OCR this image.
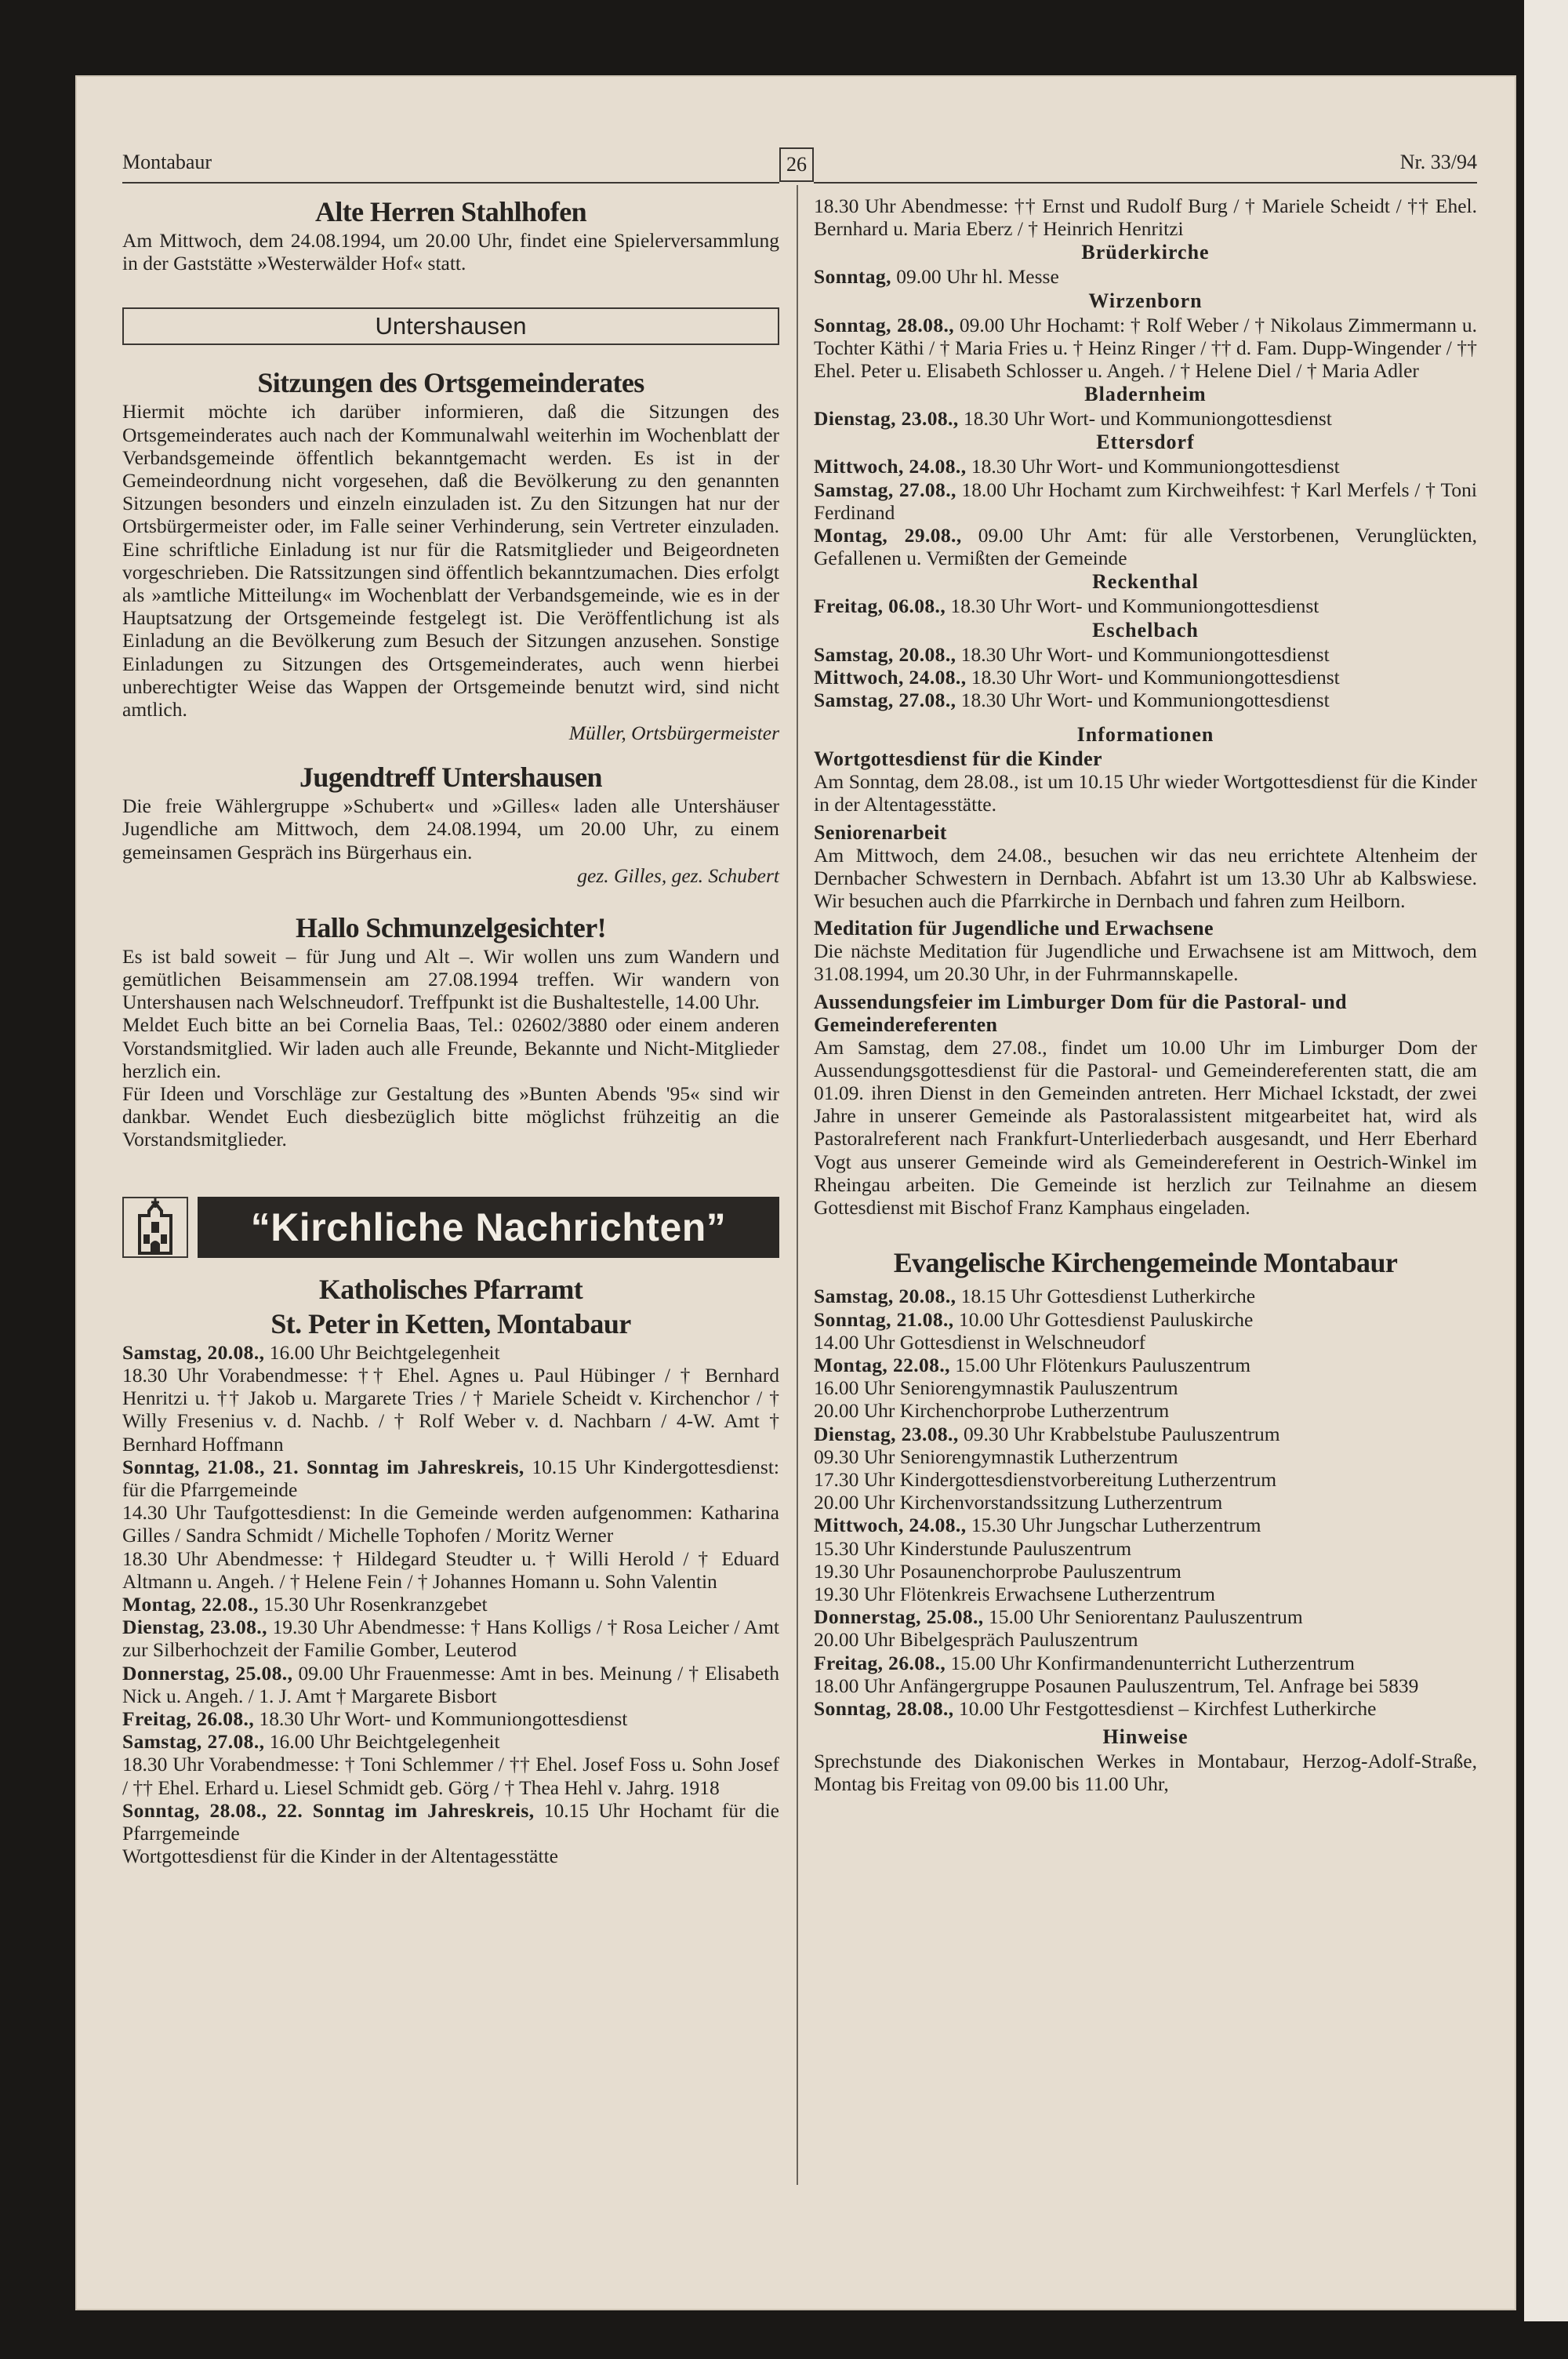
Montabaur	26	Nr. 33/94
Alte Herren Stahlhofen

Am Mittwoch, dem 24.08.1994, um 20.00 Uhr, findet eine Spielerversammlung in der Gaststätte »Westerwälder Hof« statt.

Untershausen
Sitzungen des Ortsgemeinderates

Hiermit möchte ich darüber informieren, daß die Sitzungen des Ortsgemeinderates auch nach der Kommunalwahl weiterhin im Wochenblatt der Verbandsgemeinde öffentlich bekanntgemacht werden. Es ist in der Gemeindeordnung nicht vorgesehen, daß die Bevölkerung zu den genannten Sitzungen besonders und einzeln einzuladen ist. Zu den Sitzungen hat nur der Ortsbürgermeister oder, im Falle seiner Verhinderung, sein Vertreter einzuladen. Eine schriftliche Einladung ist nur für die Ratsmitglieder und Beigeordneten vorgeschrieben. Die Ratssitzungen sind öffentlich bekanntzumachen. Dies erfolgt als »amtliche Mitteilung« im Wochenblatt der Verbandsgemeinde, wie es in der Hauptsatzung der Ortsgemeinde festgelegt ist. Die Veröffentlichung ist als Einladung an die Bevölkerung zum Besuch der Sitzungen anzusehen. Sonstige Einladungen zu Sitzungen des Ortsgemeinderates, auch wenn hierbei unberechtigter Weise das Wappen der Ortsgemeinde benutzt wird, sind nicht amtlich.

Müller, Ortsbürgermeister

Jugendtreff Untershausen

Die freie Wählergruppe »Schubert« und »Gilles« laden alle Untershäuser Jugendliche am Mittwoch, dem 24.08.1994, um 20.00 Uhr, zu einem gemeinsamen Gespräch ins Bürgerhaus ein.

gez. Gilles, gez. Schubert

Hallo Schmunzelgesichter!

Es ist bald soweit – für Jung und Alt –. Wir wollen uns zum Wandern und gemütlichen Beisammensein am 27.08.1994 treffen. Wir wandern von Untershausen nach Welschneudorf. Treffpunkt ist die Bushaltestelle, 14.00 Uhr.

Meldet Euch bitte an bei Cornelia Baas, Tel.: 02602/3880 oder einem anderen Vorstandsmitglied. Wir laden auch alle Freunde, Bekannte und Nicht-Mitglieder herzlich ein.

Für Ideen und Vorschläge zur Gestaltung des »Bunten Abends '95« sind wir dankbar. Wendet Euch diesbezüglich bitte möglichst frühzeitig an die Vorstandsmitglieder.

“Kirchliche Nachrichten”
Katholisches Pfarramt
St. Peter in Ketten, Montabaur

Samstag, 20.08., 16.00 Uhr Beichtgelegenheit

18.30 Uhr Vorabendmesse: †† Ehel. Agnes u. Paul Hübinger / † Bernhard Henritzi u. †† Jakob u. Margarete Tries / † Mariele Scheidt v. Kirchenchor / † Willy Fresenius v. d. Nachb. / † Rolf Weber v. d. Nachbarn / 4-W. Amt † Bernhard Hoffmann

Sonntag, 21.08., 21. Sonntag im Jahreskreis, 10.15 Uhr Kindergottesdienst: für die Pfarrgemeinde

14.30 Uhr Taufgottesdienst: In die Gemeinde werden aufgenommen: Katharina Gilles / Sandra Schmidt / Michelle Tophofen / Moritz Werner

18.30 Uhr Abendmesse: † Hildegard Steudter u. † Willi Herold / † Eduard Altmann u. Angeh. / † Helene Fein / † Johannes Homann u. Sohn Valentin

Montag, 22.08., 15.30 Uhr Rosenkranzgebet

Dienstag, 23.08., 19.30 Uhr Abendmesse: † Hans Kolligs / † Rosa Leicher / Amt zur Silberhochzeit der Familie Gomber, Leuterod

Donnerstag, 25.08., 09.00 Uhr Frauenmesse: Amt in bes. Meinung / † Elisabeth Nick u. Angeh. / 1. J. Amt † Margarete Bisbort

Freitag, 26.08., 18.30 Uhr Wort- und Kommuniongottesdienst

Samstag, 27.08., 16.00 Uhr Beichtgelegenheit

18.30 Uhr Vorabendmesse: † Toni Schlemmer / †† Ehel. Josef Foss u. Sohn Josef / †† Ehel. Erhard u. Liesel Schmidt geb. Görg / † Thea Hehl v. Jahrg. 1918

Sonntag, 28.08., 22. Sonntag im Jahreskreis, 10.15 Uhr Hochamt für die Pfarrgemeinde

Wortgottesdienst für die Kinder in der Altentagesstätte

18.30 Uhr Abendmesse: †† Ernst und Rudolf Burg / † Mariele Scheidt / †† Ehel. Bernhard u. Maria Eberz / † Heinrich Henritzi

Brüderkirche

Sonntag, 09.00 Uhr hl. Messe

Wirzenborn

Sonntag, 28.08., 09.00 Uhr Hochamt: † Rolf Weber / † Nikolaus Zimmermann u. Tochter Käthi / † Maria Fries u. † Heinz Ringer / †† d. Fam. Dupp-Wingender / †† Ehel. Peter u. Elisabeth Schlosser u. Angeh. / † Helene Diel / † Maria Adler

Bladernheim

Dienstag, 23.08., 18.30 Uhr Wort- und Kommuniongottesdienst

Ettersdorf

Mittwoch, 24.08., 18.30 Uhr Wort- und Kommuniongottesdienst

Samstag, 27.08., 18.00 Uhr Hochamt zum Kirchweihfest: † Karl Merfels / † Toni Ferdinand

Montag, 29.08., 09.00 Uhr Amt: für alle Verstorbenen, Verunglückten, Gefallenen u. Vermißten der Gemeinde

Reckenthal

Freitag, 06.08., 18.30 Uhr Wort- und Kommuniongottesdienst

Eschelbach

Samstag, 20.08., 18.30 Uhr Wort- und Kommuniongottesdienst

Mittwoch, 24.08., 18.30 Uhr Wort- und Kommuniongottesdienst

Samstag, 27.08., 18.30 Uhr Wort- und Kommuniongottesdienst

Informationen
Wortgottesdienst für die Kinder

Am Sonntag, dem 28.08., ist um 10.15 Uhr wieder Wortgottesdienst für die Kinder in der Altentagesstätte.

Seniorenarbeit

Am Mittwoch, dem 24.08., besuchen wir das neu errichtete Altenheim der Dernbacher Schwestern in Dernbach. Abfahrt ist um 13.30 Uhr ab Kalbswiese. Wir besuchen auch die Pfarrkirche in Dernbach und fahren zum Heilborn.

Meditation für Jugendliche und Erwachsene

Die nächste Meditation für Jugendliche und Erwachsene ist am Mittwoch, dem 31.08.1994, um 20.30 Uhr, in der Fuhrmannskapelle.

Aussendungsfeier im Limburger Dom für die Pastoral- und Gemeindereferenten

Am Samstag, dem 27.08., findet um 10.00 Uhr im Limburger Dom der Aussendungsgottesdienst für die Pastoral- und Gemeindereferenten statt, die am 01.09. ihren Dienst in den Gemeinden antreten. Herr Michael Ickstadt, der zwei Jahre in unserer Gemeinde als Pastoralassistent mitgearbeitet hat, wird als Pastoralreferent nach Frankfurt-Unterliederbach ausgesandt, und Herr Eberhard Vogt aus unserer Gemeinde wird als Gemeindereferent in Oestrich-Winkel im Rheingau arbeiten. Die Gemeinde ist herzlich zur Teilnahme an diesem Gottesdienst mit Bischof Franz Kamphaus eingeladen.

Evangelische Kirchengemeinde Montabaur

Samstag, 20.08., 18.15 Uhr Gottesdienst Lutherkirche

Sonntag, 21.08., 10.00 Uhr Gottesdienst Pauluskirche

14.00 Uhr Gottesdienst in Welschneudorf

Montag, 22.08., 15.00 Uhr Flötenkurs Pauluszentrum

16.00 Uhr Seniorengymnastik Pauluszentrum

20.00 Uhr Kirchenchorprobe Lutherzentrum

Dienstag, 23.08., 09.30 Uhr Krabbelstube Pauluszentrum

09.30 Uhr Seniorengymnastik Lutherzentrum

17.30 Uhr Kindergottesdienstvorbereitung Lutherzentrum

20.00 Uhr Kirchenvorstandssitzung Lutherzentrum

Mittwoch, 24.08., 15.30 Uhr Jungschar Lutherzentrum

15.30 Uhr Kinderstunde Pauluszentrum

19.30 Uhr Posaunenchorprobe Pauluszentrum

19.30 Uhr Flötenkreis Erwachsene Lutherzentrum

Donnerstag, 25.08., 15.00 Uhr Seniorentanz Pauluszentrum

20.00 Uhr Bibelgespräch Pauluszentrum

Freitag, 26.08., 15.00 Uhr Konfirmandenunterricht Lutherzentrum

18.00 Uhr Anfängergruppe Posaunen Pauluszentrum, Tel. Anfrage bei 5839

Sonntag, 28.08., 10.00 Uhr Festgottesdienst – Kirchfest Lutherkirche

Hinweise

Sprechstunde des Diakonischen Werkes in Montabaur, Herzog-Adolf-Straße, Montag bis Freitag von 09.00 bis 11.00 Uhr,
